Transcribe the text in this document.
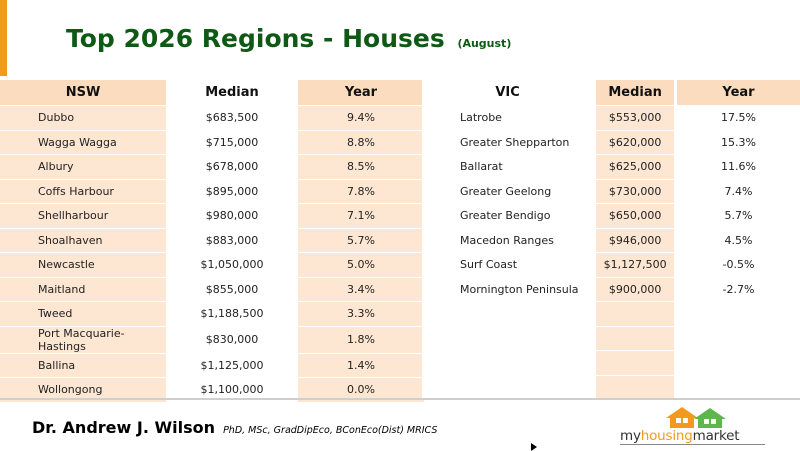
Top 2026 Regions - Houses (August)
NSW		Median		Year
Dubbo		$683,500		9.4%
Wagga Wagga		$715,000		8.8%
Albury		$678,000		8.5%
Coffs Harbour		$895,000		7.8%
Shellharbour		$980,000		7.1%
Shoalhaven		$883,000		5.7%
Newcastle		$1,050,000		5.0%
Maitland		$855,000		3.4%
Tweed		$1,188,500		3.3%
Port Macquarie-Hastings		$830,000		1.8%
Ballina		$1,125,000		1.4%
Wollongong		$1,100,000		0.0%
VIC		Median		Year
Latrobe		$553,000		17.5%
Greater Shepparton		$620,000		15.3%
Ballarat		$625,000		11.6%
Greater Geelong		$730,000		7.4%
Greater Bendigo		$650,000		5.7%
Macedon Ranges		$946,000		4.5%
Surf Coast		$1,127,500		-0.5%
Mornington Peninsula		$900,000		-2.7%

Dr. Andrew J. Wilson PhD, MSc, GradDipEco, BConEco(Dist) MRICS	myhousingmarket
